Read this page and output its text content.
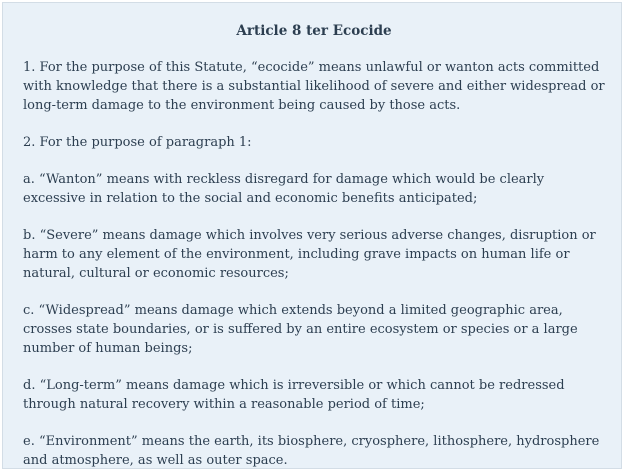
Article 8 ter Ecocide

1. For the purpose of this Statute, “ecocide” means unlawful or wanton acts committed with knowledge that there is a substantial likelihood of severe and either widespread or long-term damage to the environment being caused by those acts.

2. For the purpose of paragraph 1:

a. “Wanton” means with reckless disregard for damage which would be clearly excessive in relation to the social and economic benefits anticipated;

b. “Severe” means damage which involves very serious adverse changes, disruption or harm to any element of the environment, including grave impacts on human life or natural, cultural or economic resources;

c. “Widespread” means damage which extends beyond a limited geographic area, crosses state boundaries, or is suffered by an entire ecosystem or species or a large number of human beings;

d. “Long-term” means damage which is irreversible or which cannot be redressed through natural recovery within a reasonable period of time;

e. “Environment” means the earth, its biosphere, cryosphere, lithosphere, hydrosphere and atmosphere, as well as outer space.
